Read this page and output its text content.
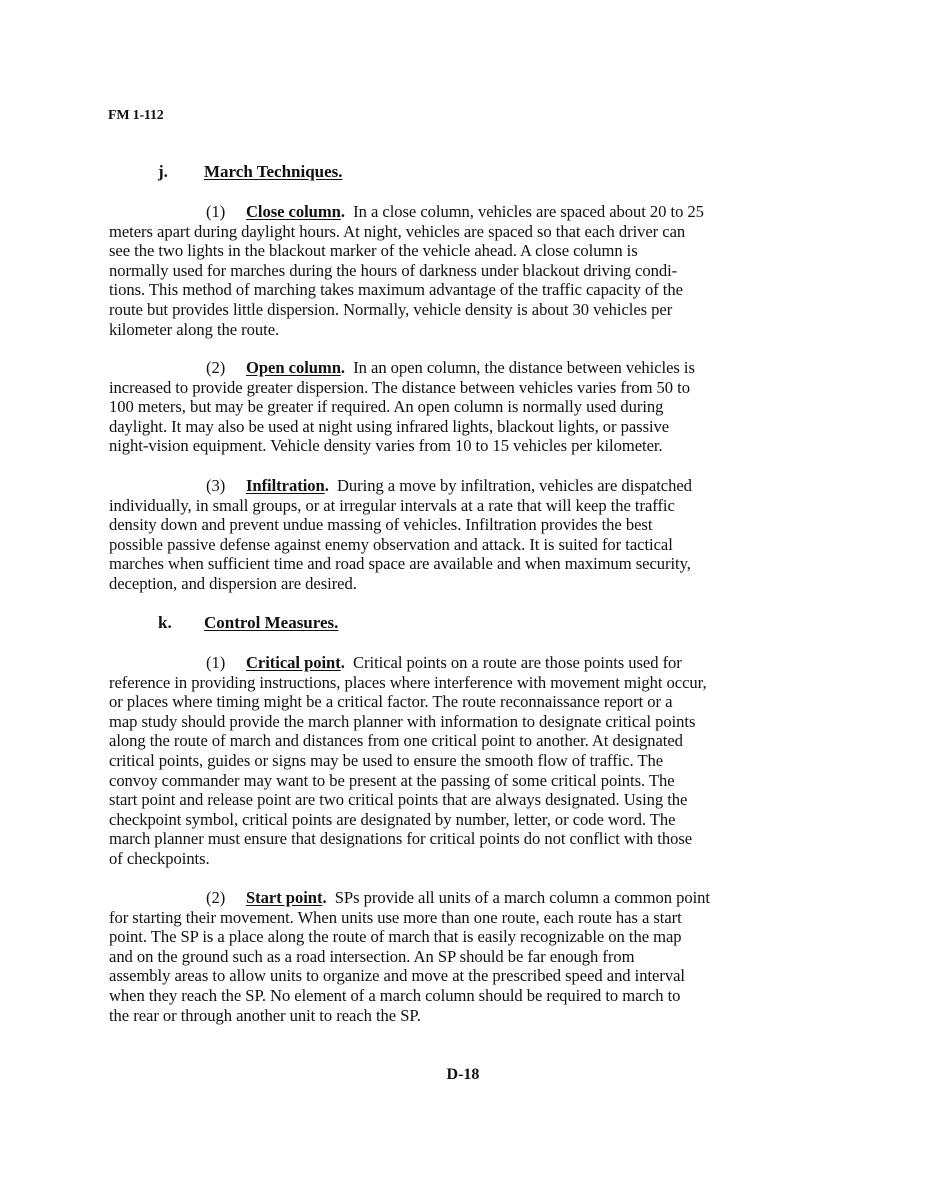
FM 1-112
j. March Techniques.
(1) Close column. In a close column, vehicles are spaced about 20 to 25
meters apart during daylight hours. At night, vehicles are spaced so that each driver can
see the two lights in the blackout marker of the vehicle ahead. A close column is
normally used for marches during the hours of darkness under blackout driving condi-
tions. This method of marching takes maximum advantage of the traffic capacity of the
route but provides little dispersion. Normally, vehicle density is about 30 vehicles per
kilometer along the route.
(2) Open column. In an open column, the distance between vehicles is
increased to provide greater dispersion. The distance between vehicles varies from 50 to
100 meters, but may be greater if required. An open column is normally used during
daylight. It may also be used at night using infrared lights, blackout lights, or passive
night-vision equipment. Vehicle density varies from 10 to 15 vehicles per kilometer.
(3) Infiltration. During a move by infiltration, vehicles are dispatched
individually, in small groups, or at irregular intervals at a rate that will keep the traffic
density down and prevent undue massing of vehicles. Infiltration provides the best
possible passive defense against enemy observation and attack. It is suited for tactical
marches when sufficient time and road space are available and when maximum security,
deception, and dispersion are desired.
k. Control Measures.
(1) Critical point. Critical points on a route are those points used for
reference in providing instructions, places where interference with movement might occur,
or places where timing might be a critical factor. The route reconnaissance report or a
map study should provide the march planner with information to designate critical points
along the route of march and distances from one critical point to another. At designated
critical points, guides or signs may be used to ensure the smooth flow of traffic. The
convoy commander may want to be present at the passing of some critical points. The
start point and release point are two critical points that are always designated. Using the
checkpoint symbol, critical points are designated by number, letter, or code word. The
march planner must ensure that designations for critical points do not conflict with those
of checkpoints.
(2) Start point. SPs provide all units of a march column a common point
for starting their movement. When units use more than one route, each route has a start
point. The SP is a place along the route of march that is easily recognizable on the map
and on the ground such as a road intersection. An SP should be far enough from
assembly areas to allow units to organize and move at the prescribed speed and interval
when they reach the SP. No element of a march column should be required to march to
the rear or through another unit to reach the SP.
D-18
